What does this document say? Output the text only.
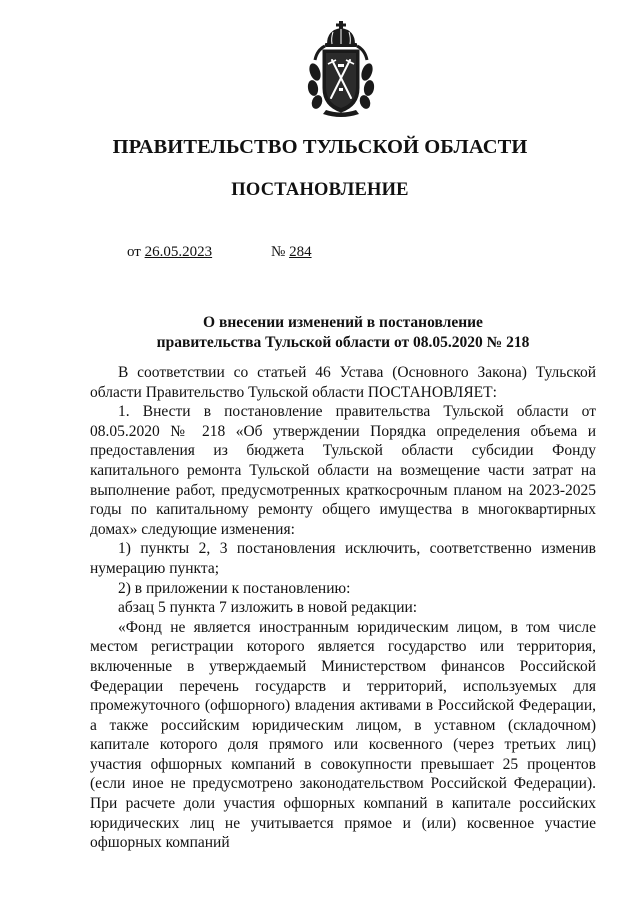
ПРАВИТЕЛЬСТВО ТУЛЬСКОЙ ОБЛАСТИ
ПОСТАНОВЛЕНИЕ
от 26.05.2023	№ 284
О внесении изменений в постановление
правительства Тульской области от 08.05.2020 № 218

В соответствии со статьей 46 Устава (Основного Закона) Тульской области Правительство Тульской области ПОСТАНОВЛЯЕТ:

1. Внести в постановление правительства Тульской области от 08.05.2020 № 218 «Об утверждении Порядка определения объема и предоставления из бюджета Тульской области субсидии Фонду капитального ремонта Тульской области на возмещение части затрат на выполнение работ, предусмотренных краткосрочным планом на 2023-2025 годы по капитальному ремонту общего имущества в многоквартирных домах» следующие изменения:

1) пункты 2, 3 постановления исключить, соответственно изменив нумерацию пункта;

2) в приложении к постановлению:

абзац 5 пункта 7 изложить в новой редакции:

«Фонд не является иностранным юридическим лицом, в том числе местом регистрации которого является государство или территория, включенные в утверждаемый Министерством финансов Российской Федерации перечень государств и территорий, используемых для промежуточного (офшорного) владения активами в Российской Федерации, а также российским юридическим лицом, в уставном (складочном) капитале которого доля прямого или косвенного (через третьих лиц) участия офшорных компаний в совокупности превышает 25 процентов (если иное не предусмотрено законодательством Российской Федерации). При расчете доли участия офшорных компаний в капитале российских юридических лиц не учитывается прямое и (или) косвенное участие офшорных компаний
